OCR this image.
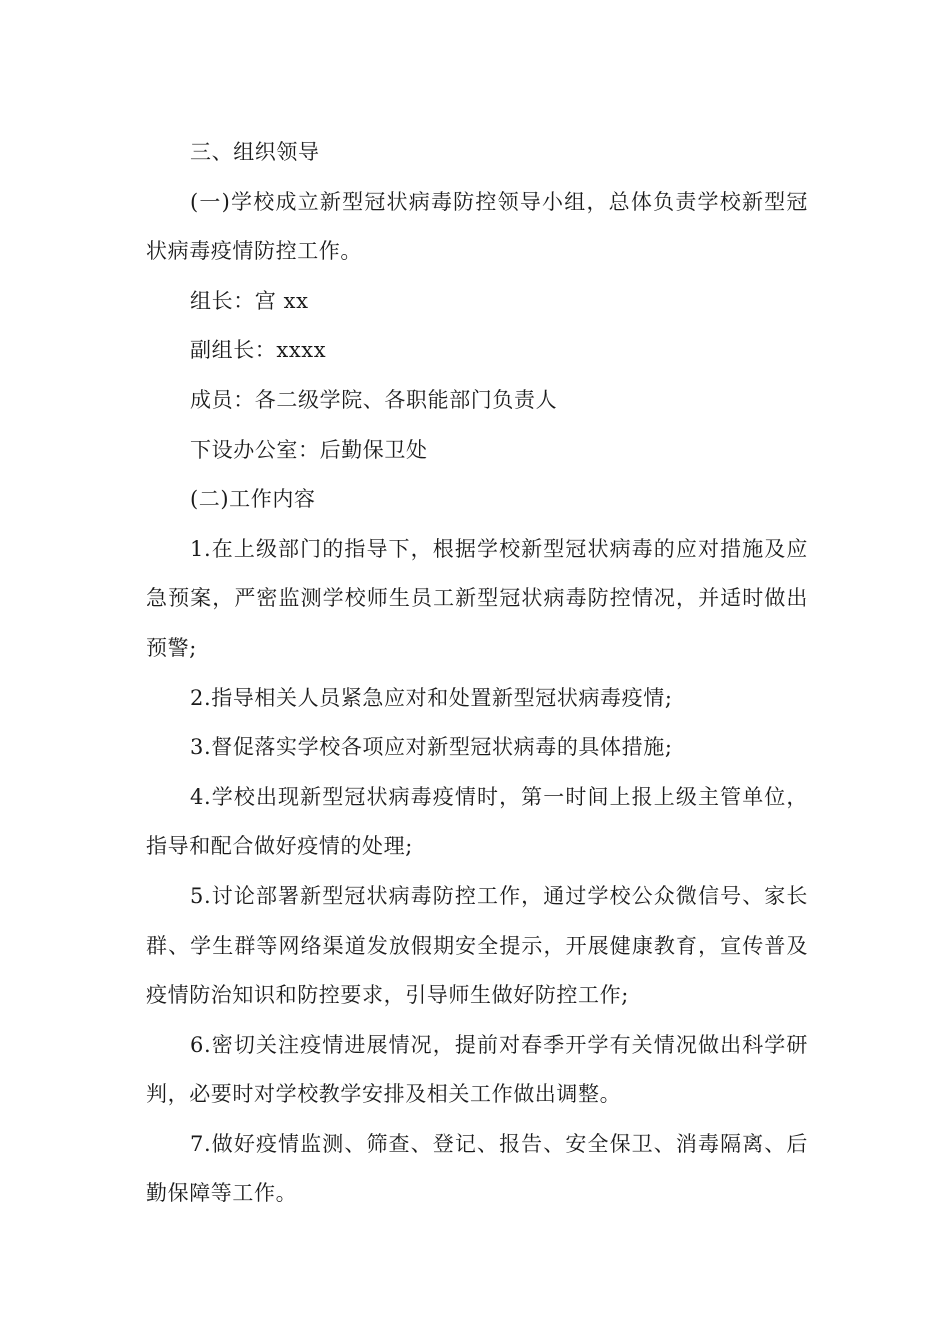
三、组织领导

(一)学校成立新型冠状病毒防控领导小组，总体负责学校新型冠状病毒疫情防控工作。

组长：宫 xx

副组长：xxxx

成员：各二级学院、各职能部门负责人

下设办公室：后勤保卫处

(二)工作内容

1.在上级部门的指导下，根据学校新型冠状病毒的应对措施及应急预案，严密监测学校师生员工新型冠状病毒防控情况，并适时做出预警;

2.指导相关人员紧急应对和处置新型冠状病毒疫情;

3.督促落实学校各项应对新型冠状病毒的具体措施;

4.学校出现新型冠状病毒疫情时，第一时间上报上级主管单位，指导和配合做好疫情的处理;

5.讨论部署新型冠状病毒防控工作，通过学校公众微信号、家长群、学生群等网络渠道发放假期安全提示，开展健康教育，宣传普及疫情防治知识和防控要求，引导师生做好防控工作;

6.密切关注疫情进展情况，提前对春季开学有关情况做出科学研判，必要时对学校教学安排及相关工作做出调整。

7.做好疫情监测、筛查、登记、报告、安全保卫、消毒隔离、后勤保障等工作。
